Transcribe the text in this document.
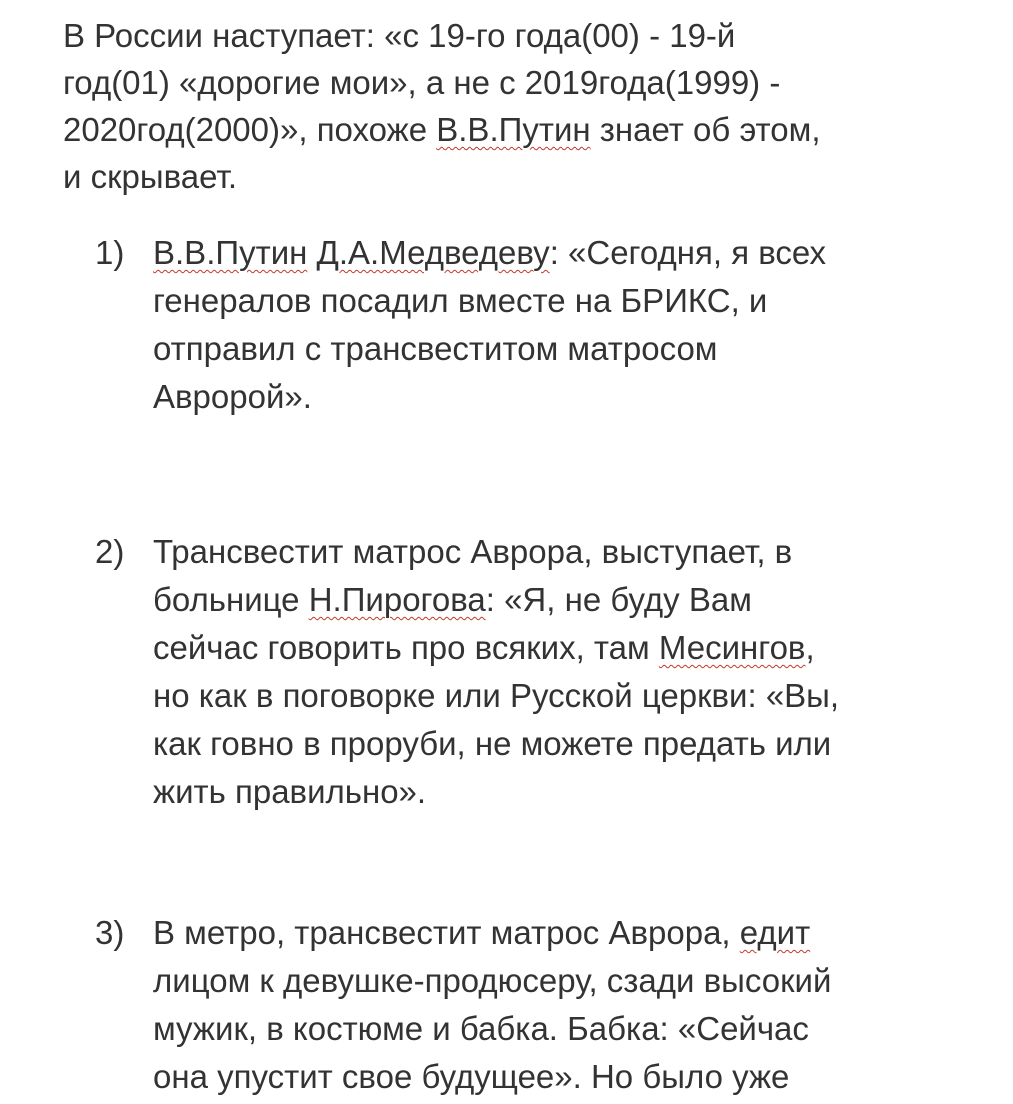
В России наступает: «с 19-го года(00) - 19-й
год(01) «дорогие мои», а не с 2019года(1999) -
2020год(2000)», похоже В.В.Путин знает об этом,
и скрывает.

1) В.В.Путин Д.А.Медведеву: «Сегодня, я всех
генералов посадил вместе на БРИКС, и
отправил с трансвеститом матросом
Авророй».
2) Трансвестит матрос Аврора, выступает, в
больнице Н.Пирогова: «Я, не буду Вам
сейчас говорить про всяких, там Месингов,
но как в поговорке или Русской церкви: «Вы,
как говно в проруби, не можете предать или
жить правильно».
3) В метро, трансвестит матрос Аврора, едит
лицом к девушке-продюсеру, сзади высокий
мужик, в костюме и бабка. Бабка: «Сейчас
она упустит свое будущее». Но было уже
